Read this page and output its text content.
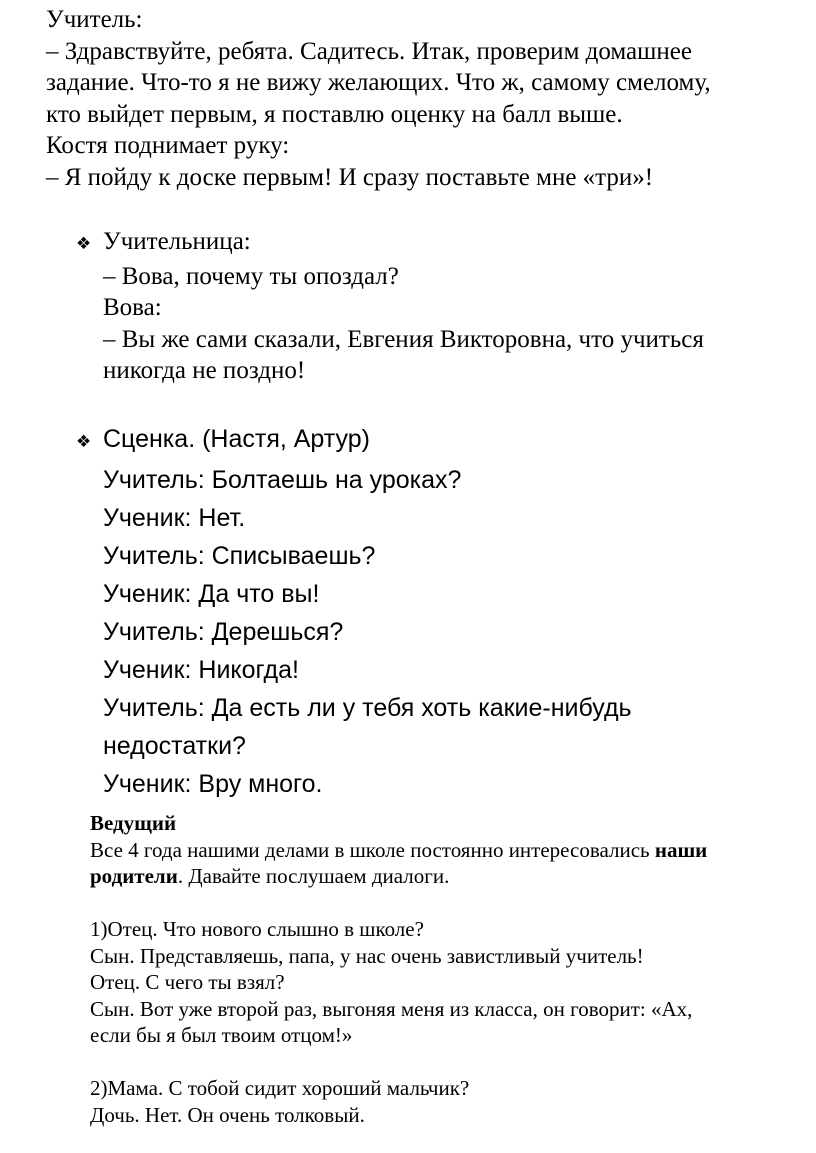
Учитель:
– Здравствуйте, ребята. Садитесь. Итак, проверим домашнее
задание. Что-то я не вижу желающих. Что ж, самому смелому,
кто выйдет первым, я поставлю оценку на балл выше.
Костя поднимает руку:
– Я пойду к доске первым! И сразу поставьте мне «три»!
❖ Учительница:
– Вова, почему ты опоздал?
Вова:
– Вы же сами сказали, Евгения Викторовна, что учиться
никогда не поздно!
❖ Сценка. (Настя, Артур)
Учитель: Болтаешь на уроках?
Ученик: Нет.
Учитель: Списываешь?
Ученик: Да что вы!
Учитель: Дерешься?
Ученик: Никогда!
Учитель: Да есть ли у тебя хоть какие-нибудь
недостатки?
Ученик: Вру много.
Ведущий
Все 4 года нашими делами в школе постоянно интересовались наши
родители. Давайте послушаем диалоги.
1)Отец. Что нового слышно в школе?
Сын. Представляешь, папа, у нас очень завистливый учитель!
Отец. С чего ты взял?
Сын. Вот уже второй раз, выгоняя меня из класса, он говорит: «Ах,
если бы я был твоим отцом!»
2)Мама. С тобой сидит хороший мальчик?
Дочь. Нет. Он очень толковый.
